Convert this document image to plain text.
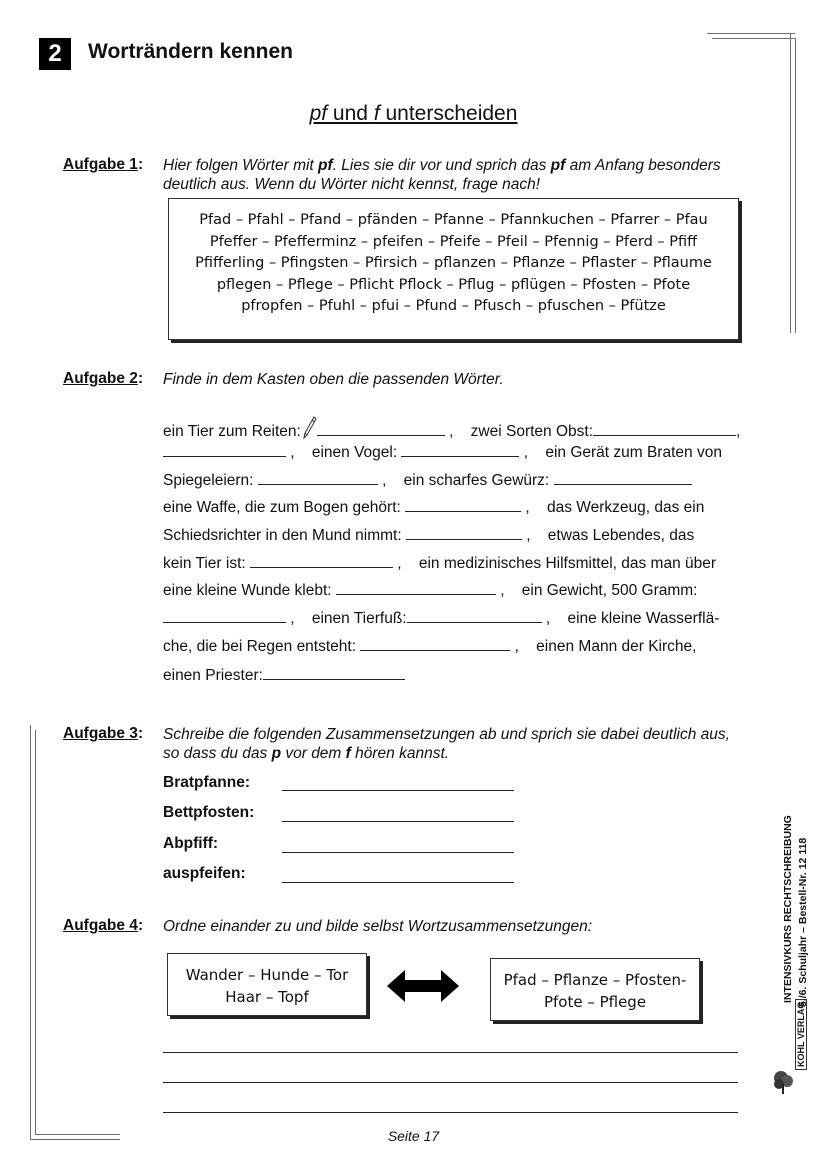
2	Worträndern kennen
pf und f unterscheiden
Aufgabe 1: Hier folgen Wörter mit pf. Lies sie dir vor und sprich das pf am Anfang besonders
deutlich aus. Wenn du Wörter nicht kennst, frage nach!
Pfad – Pfahl – Pfand – pfänden – Pfanne – Pfannkuchen – Pfarrer – Pfau
Pfeffer – Pfefferminz – pfeifen – Pfeife – Pfeil – Pfennig – Pferd – Pfiff
Pfifferling – Pfingsten – Pfirsich – pflanzen – Pflanze – Pflaster – Pflaume
pflegen – Pflege – Pflicht Pflock – Pflug – pflügen – Pfosten – Pfote
pfropfen – Pfuhl – pfui – Pfund – Pfusch – pfuschen – Pfütze
Aufgabe 2: Finde in dem Kasten oben die passenden Wörter.
ein Tier zum Reiten:	,    zwei Sorten Obst:	,
,    einen Vogel:	,    ein Gerät zum Braten von
Spiegeleiern:	,    ein scharfes Gewürz:
eine Waffe, die zum Bogen gehört:	,    das Werkzeug, das ein
Schiedsrichter in den Mund nimmt:	,    etwas Lebendes, das
kein Tier ist:	,    ein medizinisches Hilfsmittel, das man über
eine kleine Wunde klebt:	,    ein Gewicht, 500 Gramm:
,    einen Tierfuß:	,    eine kleine Wasserflä-
che, die bei Regen entsteht:	,    einen Mann der Kirche,
einen Priester:
Aufgabe 3: Schreibe die folgenden Zusammensetzungen ab und sprich sie dabei deutlich aus,
so dass du das p vor dem f hören kannst.
Bratpfanne:
Bettpfosten:
Abpfiff:
auspfeifen:
Aufgabe 4: Ordne einander zu und bilde selbst Wortzusammensetzungen:
Wander – Hunde – Tor
Haar – Topf
Pfad – Pflanze – Pfosten-
Pfote – Pflege	INTENSIVKURS RECHTSCHREIBUNG 5./6. Schuljahr – Bestell-Nr. 12 118
KOHL VERLAG
Seite 17
